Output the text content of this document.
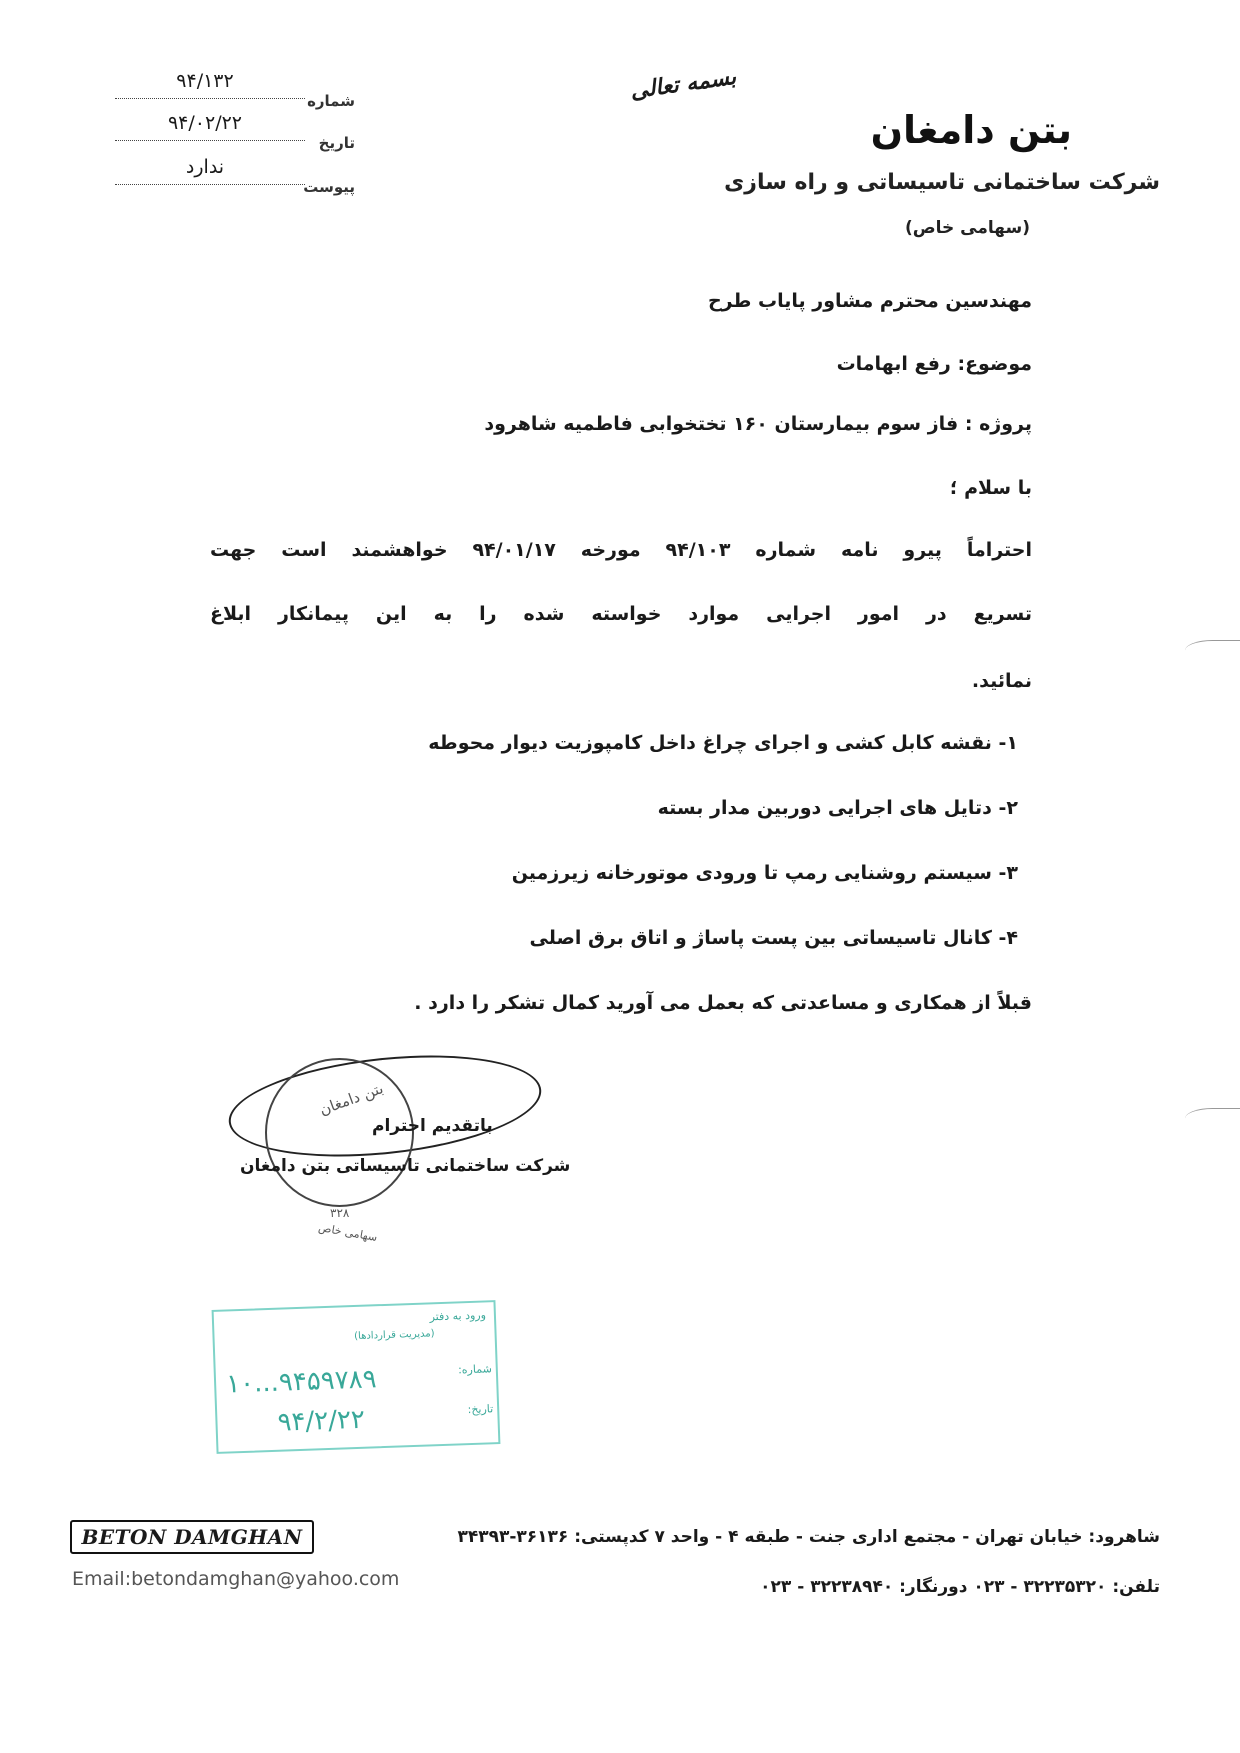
۹۴/۱۳۲
شماره
۹۴/۰۲/۲۲
تاریخ
ندارد
پیوست
بسمه تعالی
بتن دامغان
شرکت ساختمانی تاسیساتی و راه سازی
(سهامی خاص)
مهندسین محترم مشاور پایاب طرح
موضوع: رفع ابهامات
پروژه : فاز سوم بیمارستان ۱۶۰ تختخوابی فاطمیه شاهرود
با سلام ؛
احتراماً پیرو نامه شماره ۹۴/۱۰۳ مورخه ۹۴/۰۱/۱۷ خواهشمند است جهت
تسریع در امور اجرایی موارد خواسته شده را به این پیمانکار ابلاغ
نمائید.
۱- نقشه کابل کشی و اجرای چراغ داخل کامپوزیت دیوار محوطه
۲- دتایل های اجرایی دوربین مدار بسته
۳- سیستم روشنایی رمپ تا ورودی موتورخانه زیرزمین
۴- کانال تاسیساتی بین پست پاساژ و اتاق برق اصلی
قبلاً از همکاری و مساعدتی که بعمل می آورید کمال تشکر را دارد .
بتن دامغان
۳۲۸
سهامی خاص
باتقدیم احترام
شرکت ساختمانی تاسیساتی بتن دامغان
ورود به دفتر
(مدیریت قراردادها)
شماره:
تاریخ:
۱۰...۹۴۵۹۷۸۹
۹۴/۲/۲۲
BETON DAMGHAN
Email:betondamghan@yahoo.com
شاهرود: خیابان تهران - مجتمع اداری جنت - طبقه ۴ - واحد ۷ کدپستی: ۳۶۱۳۶-۳۴۳۹۳
تلفن: ۳۲۲۳۵۳۲۰ - ۰۲۳ دورنگار: ۳۲۲۳۸۹۴۰ - ۰۲۳
